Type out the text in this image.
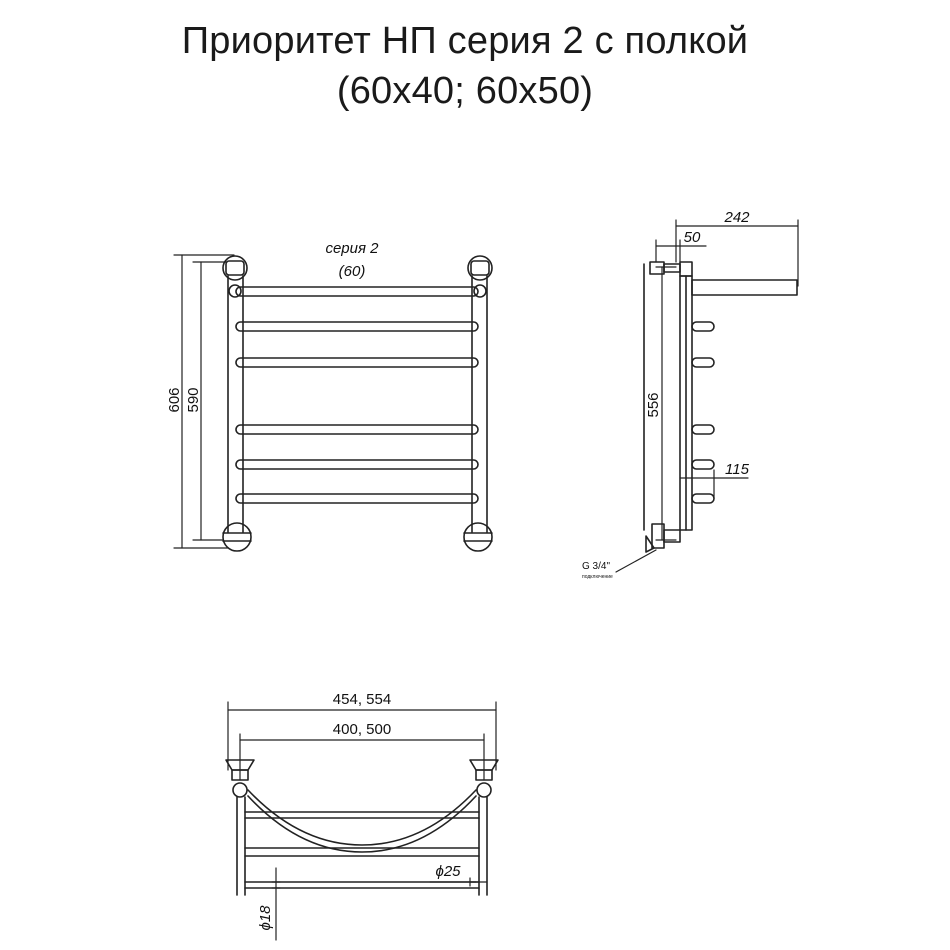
Приоритет НП серия 2 с полкой
(60x40; 60x50)
серия 2
(60)
606 590
242
50
556
115
G 3/4"
подключение
454, 554
400, 500
ϕ25
ϕ18
